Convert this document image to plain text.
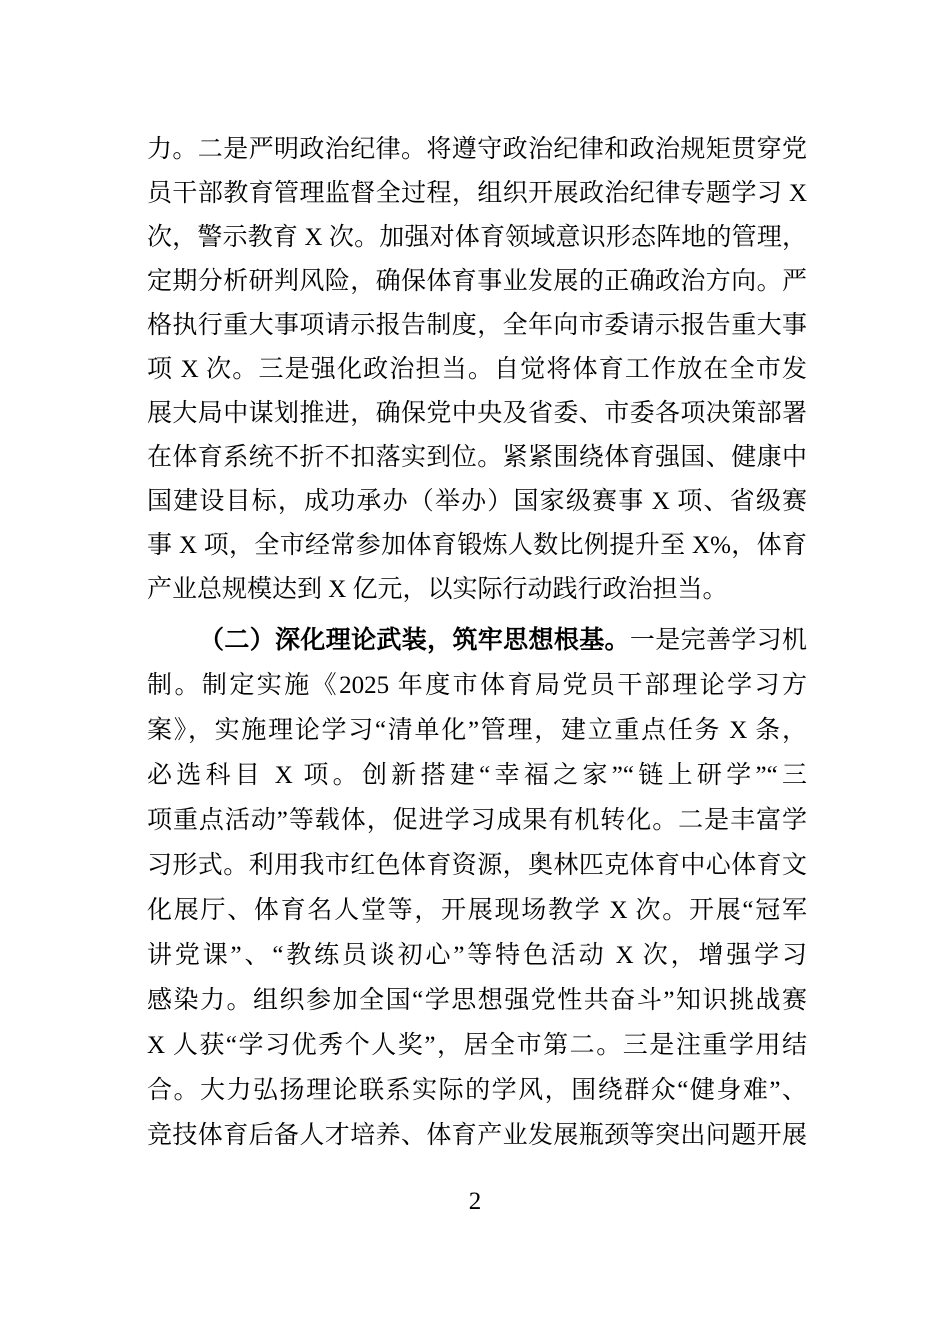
力。二是严明政治纪律。将遵守政治纪律和政治规矩贯穿党
员干部教育管理监督全过程，组织开展政治纪律专题学习 X
次，警示教育 X 次。加强对体育领域意识形态阵地的管理，
定期分析研判风险，确保体育事业发展的正确政治方向。严
格执行重大事项请示报告制度，全年向市委请示报告重大事
项 X 次。三是强化政治担当。自觉将体育工作放在全市发
展大局中谋划推进，确保党中央及省委、市委各项决策部署
在体育系统不折不扣落实到位。紧紧围绕体育强国、健康中
国建设目标，成功承办（举办）国家级赛事 X 项、省级赛
事 X 项，全市经常参加体育锻炼人数比例提升至 X%，体育
产业总规模达到 X 亿元，以实际行动践行政治担当。
（二）深化理论武装，筑牢思想根基。一是完善学习机
制。制定实施《2025 年度市体育局党员干部理论学习方
案》，实施理论学习“清单化”管理，建立重点任务 X 条，
必选科目 X 项。创新搭建“幸福之家”“链上研学”“三
项重点活动”等载体，促进学习成果有机转化。二是丰富学
习形式。利用我市红色体育资源，奥林匹克体育中心体育文
化展厅、体育名人堂等，开展现场教学 X 次。开展“冠军
讲党课”、“教练员谈初心”等特色活动 X 次，增强学习
感染力。组织参加全国“学思想强党性共奋斗”知识挑战赛
X 人获“学习优秀个人奖”，居全市第二。三是注重学用结
合。大力弘扬理论联系实际的学风，围绕群众“健身难”、
竞技体育后备人才培养、体育产业发展瓶颈等突出问题开展
2
